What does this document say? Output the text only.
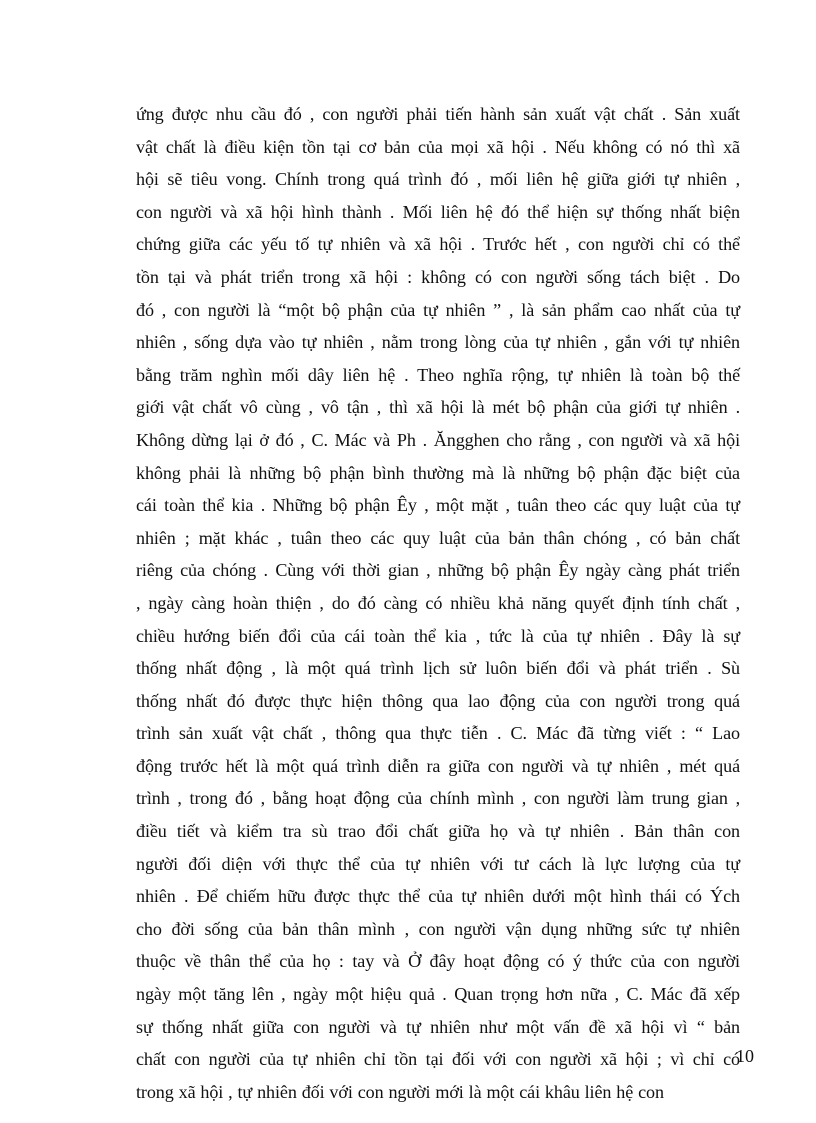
ứng được nhu cầu đó , con người phải tiến hành sản xuất vật chất . Sản xuất
vật chất là điều kiện tồn tại cơ bản của mọi xã hội . Nếu không có nó thì xã
hội sẽ tiêu vong. Chính trong quá trình đó , mối liên hệ giữa giới tự nhiên ,
con người và xã hội hình thành . Mối liên hệ đó thể hiện sự thống nhất biện
chứng giữa các yếu tố tự nhiên và xã hội . Trước hết , con người chỉ có thể
tồn tại và phát triển trong xã hội : không có con người sống tách biệt . Do
đó , con người là “một bộ phận của tự nhiên ” , là sản phẩm cao nhất của tự
nhiên , sống dựa vào tự nhiên , nằm trong lòng của tự nhiên , gắn với tự nhiên
bằng trăm nghìn mối dây liên hệ . Theo nghĩa rộng, tự nhiên là toàn bộ thế
giới vật chất vô cùng , vô tận , thì xã hội là mét bộ phận của giới tự nhiên .
Không dừng lại ở đó , C. Mác và Ph . Ăngghen cho rằng , con người và xã hội
không phải là những bộ phận bình thường mà là những bộ phận đặc biệt của
cái toàn thể kia . Những bộ phận Êy , một mặt , tuân theo các quy luật của tự
nhiên ; mặt khác , tuân theo các quy luật của bản thân chóng , có bản chất
riêng của chóng . Cùng với thời gian , những bộ phận Êy ngày càng phát triển
, ngày càng hoàn thiện , do đó càng có nhiều khả năng quyết định tính chất ,
chiều hướng biến đổi của cái toàn thể kia , tức là của tự nhiên . Đây là sự
thống nhất động , là một quá trình lịch sử luôn biến đổi và phát triển . Sù
thống nhất đó được thực hiện thông qua lao động của con người trong quá
trình sản xuất vật chất , thông qua thực tiễn . C. Mác đã từng viết : “ Lao
động trước hết là một quá trình diễn ra giữa con người và tự nhiên , mét quá
trình , trong đó , bằng hoạt động của chính mình , con người làm trung gian ,
điều tiết và kiểm tra sù trao đổi chất giữa họ và tự nhiên . Bản thân con
người đối diện với thực thể của tự nhiên với tư cách là lực lượng của tự
nhiên . Để chiếm hữu được thực thể của tự nhiên dưới một hình thái có Ých
cho đời sống của bản thân mình , con người vận dụng những sức tự nhiên
thuộc về thân thể của họ : tay và Ở đây hoạt động có ý thức của con người
ngày một tăng lên , ngày một hiệu quả . Quan trọng hơn nữa , C. Mác đã xếp
sự thống nhất giữa con người và tự nhiên như một vấn đề xã hội vì “ bản
chất con người của tự nhiên chỉ tồn tại đối với con người xã hội ; vì chỉ có
trong xã hội , tự nhiên đối với con người mới là một cái khâu liên hệ con
10
